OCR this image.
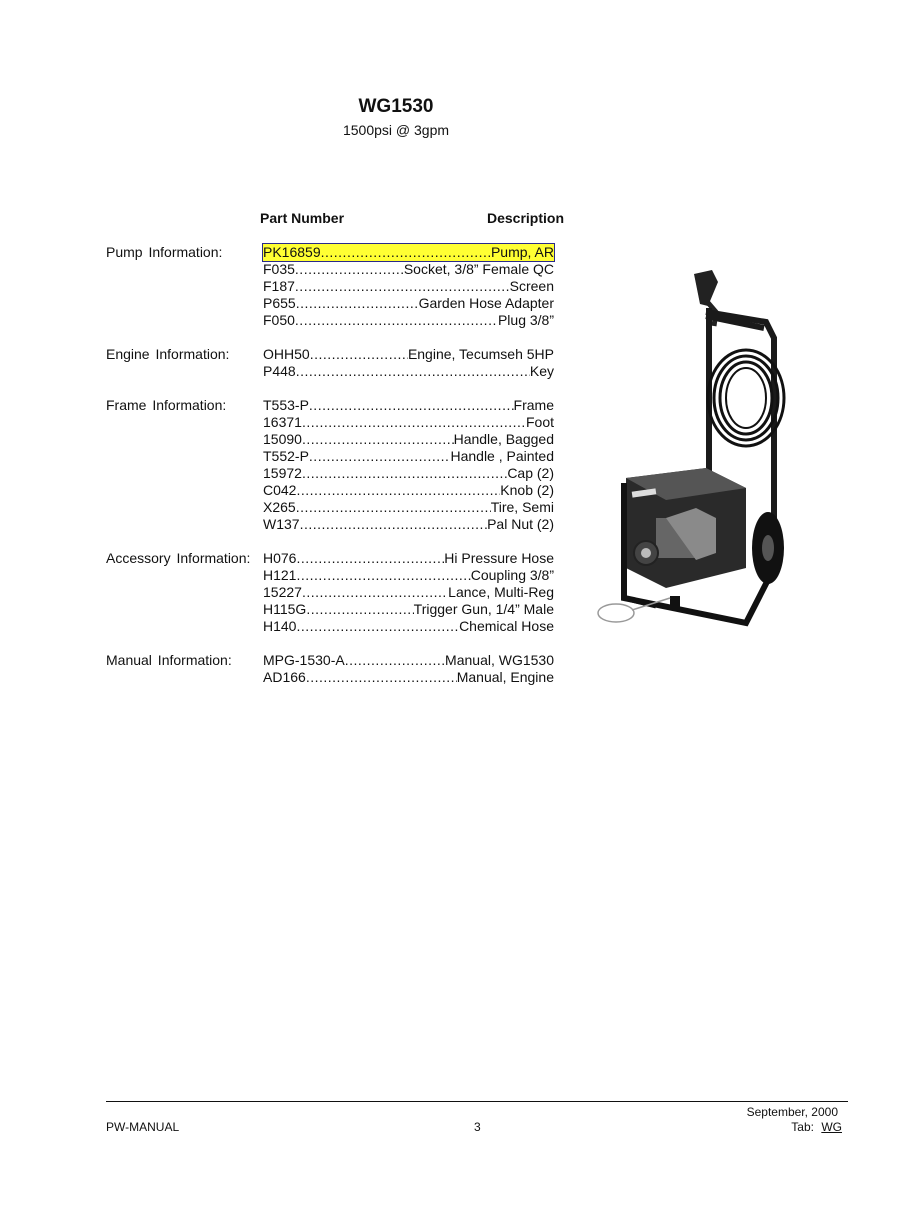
WG1530
1500psi @ 3gpm
Part Number	Description
Pump Information:	PK16859 .....	Pump, AR
F035 .....	Socket, 3/8” Female QC
F187 .....	Screen
P655 .....	Garden Hose Adapter
F050 .....	Plug 3/8”
Engine Information: OHH50 .....	Engine, Tecumseh 5HP
P448 .....	Key
Frame Information:	T553-P .....	Frame
16371 .....	Foot
15090 .....	Handle, Bagged
T552-P .....	Handle , Painted
15972 .....	Cap (2)
C042 .....	Knob (2)
X265 .....	Tire, Semi
W137 .....	Pal Nut (2)
Accessory Information: H076 .....	Hi Pressure Hose
H121 .....	Coupling 3/8”
15227 .....	Lance, Multi-Reg
H115G .....	Trigger Gun, 1/4” Male
H140 .....	Chemical Hose
Manual Information: MPG-1530-A .....	Manual, WG1530
AD166 .....	Manual, Engine
PW-MANUAL	3
September, 2000
Tab: WG
